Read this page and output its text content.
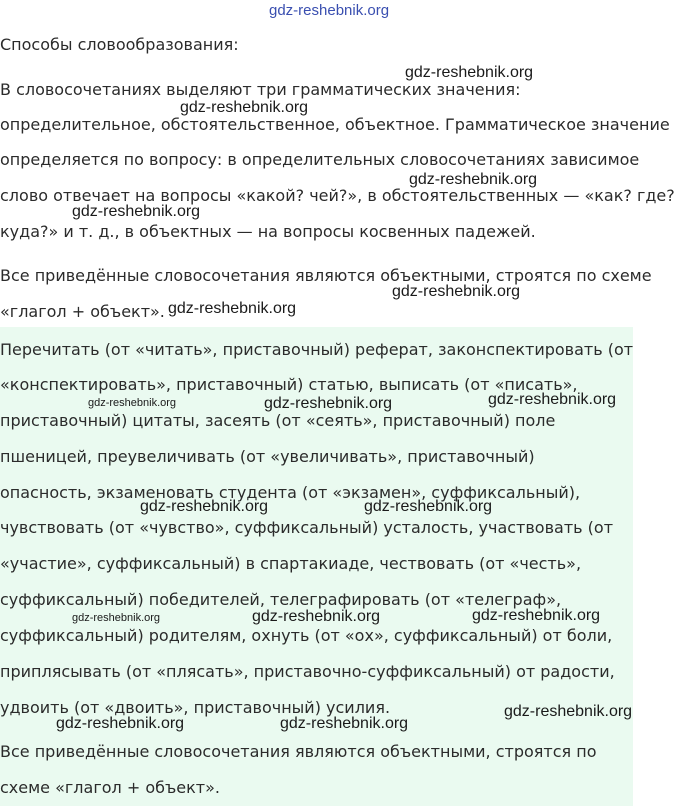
gdz-reshebnik.org
Способы словообразования:
В словосочетаниях выделяют три грамматических значения:
определительное, обстоятельственное, объектное. Грамматическое значение
определяется по вопросу: в определительных словосочетаниях зависимое
слово отвечает на вопросы «какой? чей?», в обстоятельственных — «как? где?
куда?» и т. д., в объектных — на вопросы косвенных падежей.
Все приведённые словосочетания являются объектными, строятся по схеме
«глагол + объект».
Перечитать (от «читать», приставочный) реферат, законспектировать (от
«конспектировать», приставочный) статью, выписать (от «писать»,
приставочный) цитаты, засеять (от «сеять», приставочный) поле
пшеницей, преувеличивать (от «увеличивать», приставочный)
опасность, экзаменовать студента (от «экзамен», суффиксальный),
чувствовать (от «чувство», суффиксальный) усталость, участвовать (от
«участие», суффиксальный) в спартакиаде, чествовать (от «честь»,
суффиксальный) победителей, телеграфировать (от «телеграф»,
суффиксальный) родителям, охнуть (от «ох», суффиксальный) от боли,
приплясывать (от «плясать», приставочно-суффиксальный) от радости,
удвоить (от «двоить», приставочный) усилия.
Все приведённые словосочетания являются объектными, строятся по
схеме «глагол + объект».
gdz-reshebnik.org
gdz-reshebnik.org
gdz-reshebnik.org
gdz-reshebnik.org
gdz-reshebnik.org
gdz-reshebnik.org
gdz-reshebnik.org	gdz-reshebnik.org	gdz-reshebnik.org
gdz-reshebnik.org	gdz-reshebnik.org
gdz-reshebnik.org	gdz-reshebnik.org	gdz-reshebnik.org
gdz-reshebnik.org
gdz-reshebnik.org	gdz-reshebnik.org
